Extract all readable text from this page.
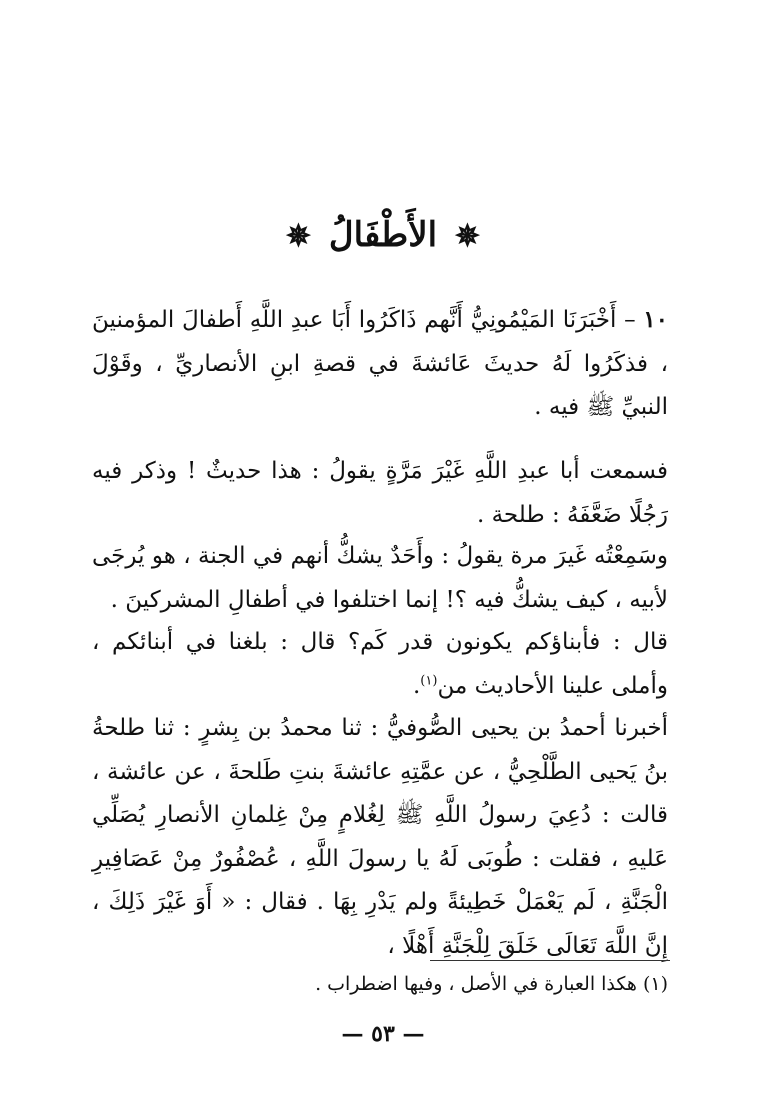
✵ الأَطْفَالُ ✵

١٠ – أَخْبَرَنَا المَيْمُونِيُّ أَنَّهم ذَاكَرُوا أَبَا عبدِ اللَّهِ أَطفالَ المؤمنينَ ، فذكَرُوا لَهُ حديثَ عَائشةَ في قصةِ ابنِ الأنصاريِّ ، وقَوْلَ النبيِّ ﷺ فيه .

فسمعت أبا عبدِ اللَّهِ غَيْرَ مَرَّةٍ يقولُ : هذا حديثٌ ! وذكر فيه رَجُلًا ضَعَّفَهُ : طلحة .

وسَمِعْتُه غَيرَ مرة يقولُ : وأَحَدٌ يشكُّ أنهم في الجنة ، هو يُرجَى لأبيه ، كيف يشكُّ فيه ؟! إنما اختلفوا في أطفالِ المشركينَ .

قال : فأبناؤكم يكونون قدر كَم؟ قال : بلغنا في أبنائكم ، وأملى علينا الأحاديث من$^{(١)}$.

أخبرنا أحمدُ بن يحيى الصُّوفيُّ : ثنا محمدُ بن بِشرٍ : ثنا طلحةُ بنُ يَحيى الطَّلْحِيُّ ، عن عمَّتِهِ عائشةَ بنتِ طَلحةَ ، عن عائشة ، قالت : دُعِيَ رسولُ اللَّهِ ﷺ لِغُلامٍ مِنْ غِلمانِ الأنصارِ يُصَلِّي عَليهِ ، فقلت : طُوبَى لَهُ يا رسولَ اللَّهِ ، عُصْفُورٌ مِنْ عَصَافِيرِ الْجَنَّةِ ، لَم يَعْمَلْ خَطِيئةً ولم يَدْرِ بِهَا . فقال : « أَوَ غَيْرَ ذَلِكَ ، إِنَّ اللَّهَ تَعَالَى خَلَقَ لِلْجَنَّةِ أَهْلًا ،

(١) هكذا العبارة في الأصل ، وفيها اضطراب .
— ٥٣ —
